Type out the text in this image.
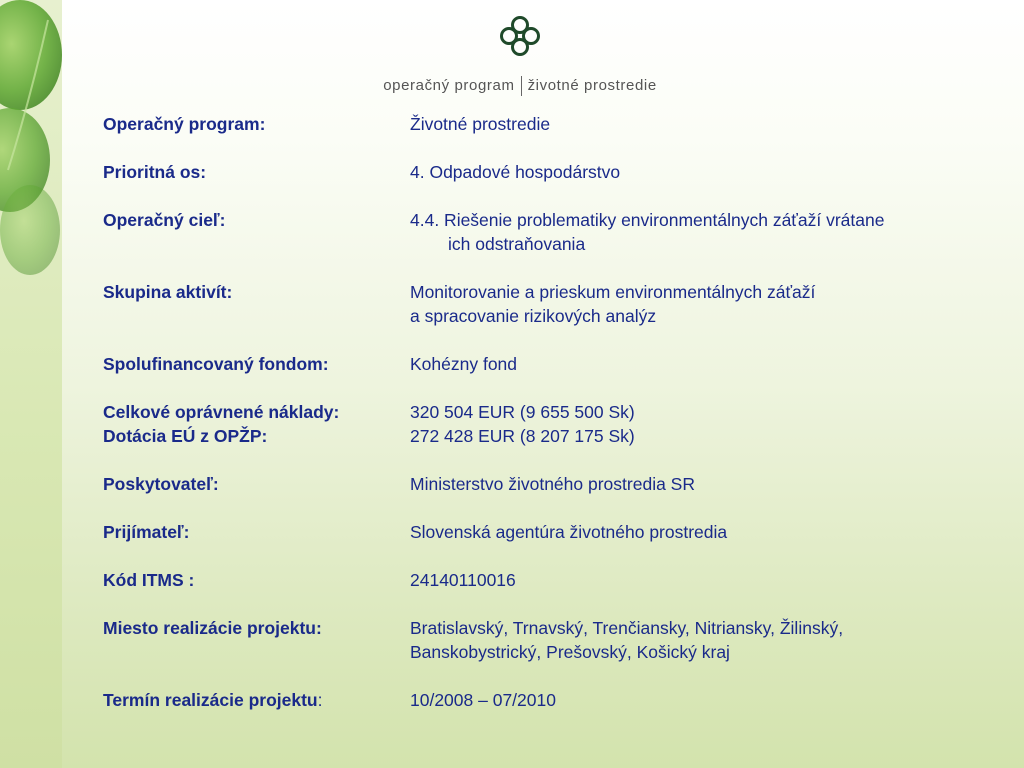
operačný program životné prostredie
Operačný program:	Životné prostredie
Prioritná os:	4. Odpadové hospodárstvo
Operačný cieľ:	4.4. Riešenie problematiky environmentálnych záťaží vrátane
ich odstraňovania
Skupina aktivít:	Monitorovanie a prieskum environmentálnych záťaží
a spracovanie rizikových analýz
Spolufinancovaný fondom:	Kohézny fond
Celkové oprávnené náklady:	320 504 EUR (9 655 500 Sk)
Dotácia EÚ z OPŽP:	272 428 EUR (8 207 175 Sk)
Poskytovateľ:	Ministerstvo životného prostredia SR
Prijímateľ:	Slovenská agentúra životného prostredia
Kód ITMS :	24140110016
Miesto realizácie projektu:	Bratislavský, Trnavský, Trenčiansky, Nitriansky, Žilinský,
Banskobystrický, Prešovský, Košický kraj
Termín realizácie projektu:	10/2008 – 07/2010
